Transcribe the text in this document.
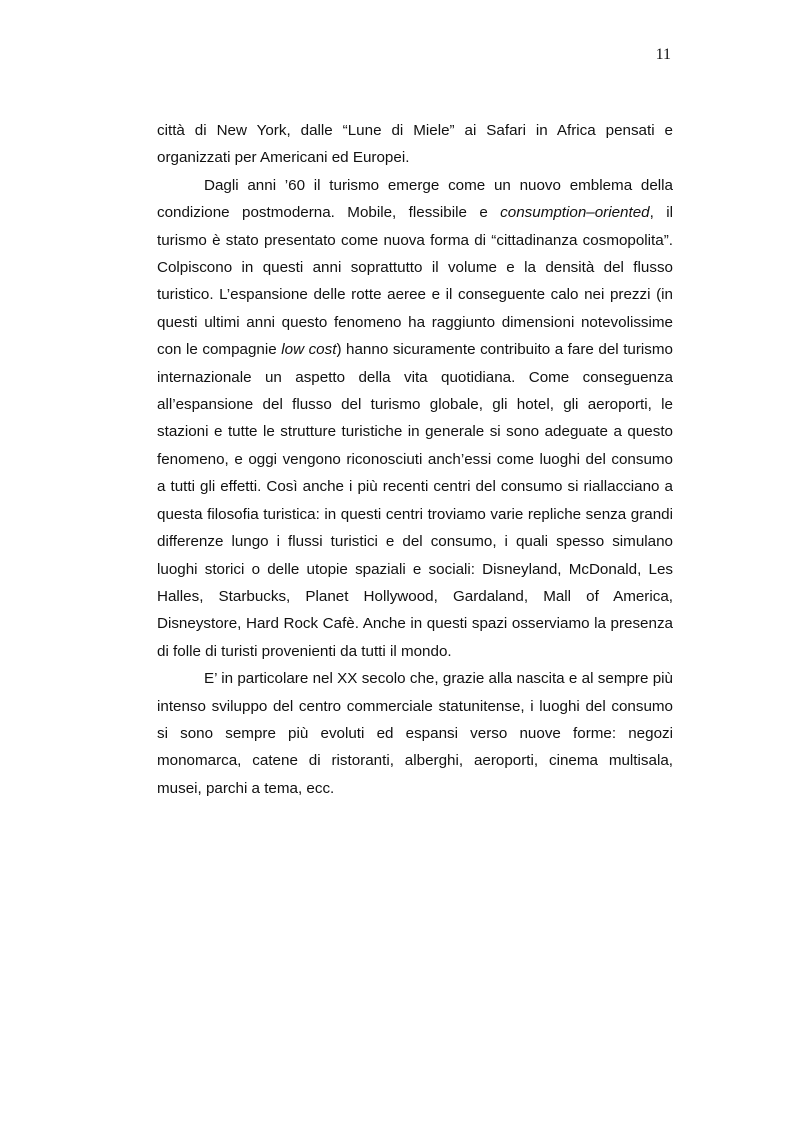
11

città di New York, dalle “Lune di Miele” ai Safari in Africa pensati e organizzati per Americani ed Europei.

Dagli anni ’60 il turismo emerge come un nuovo emblema della condizione postmoderna. Mobile, flessibile e consumption–oriented, il turismo è stato presentato come nuova forma di “cittadinanza cosmopolita”. Colpiscono in questi anni soprattutto il volume e la densità del flusso turistico. L’espansione delle rotte aeree e il conseguente calo nei prezzi (in questi ultimi anni questo fenomeno ha raggiunto dimensioni notevolissime con le compagnie low cost) hanno sicuramente contribuito a fare del turismo internazionale un aspetto della vita quotidiana. Come conseguenza all’espansione del flusso del turismo globale, gli hotel, gli aeroporti, le stazioni e tutte le strutture turistiche in generale si sono adeguate a questo fenomeno, e oggi vengono riconosciuti anch’essi come luoghi del consumo a tutti gli effetti. Così anche i più recenti centri del consumo si riallacciano a questa filosofia turistica: in questi centri troviamo varie repliche senza grandi differenze lungo i flussi turistici e del consumo, i quali spesso simulano luoghi storici o delle utopie spaziali e sociali: Disneyland, McDonald, Les Halles, Starbucks, Planet Hollywood, Gardaland, Mall of America, Disneystore, Hard Rock Cafè. Anche in questi spazi osserviamo la presenza di folle di turisti provenienti da tutti il mondo.

E’ in particolare nel XX secolo che, grazie alla nascita e al sempre più intenso sviluppo del centro commerciale statunitense, i luoghi del consumo si sono sempre più evoluti ed espansi verso nuove forme: negozi monomarca, catene di ristoranti, alberghi, aeroporti, cinema multisala, musei, parchi a tema, ecc.
